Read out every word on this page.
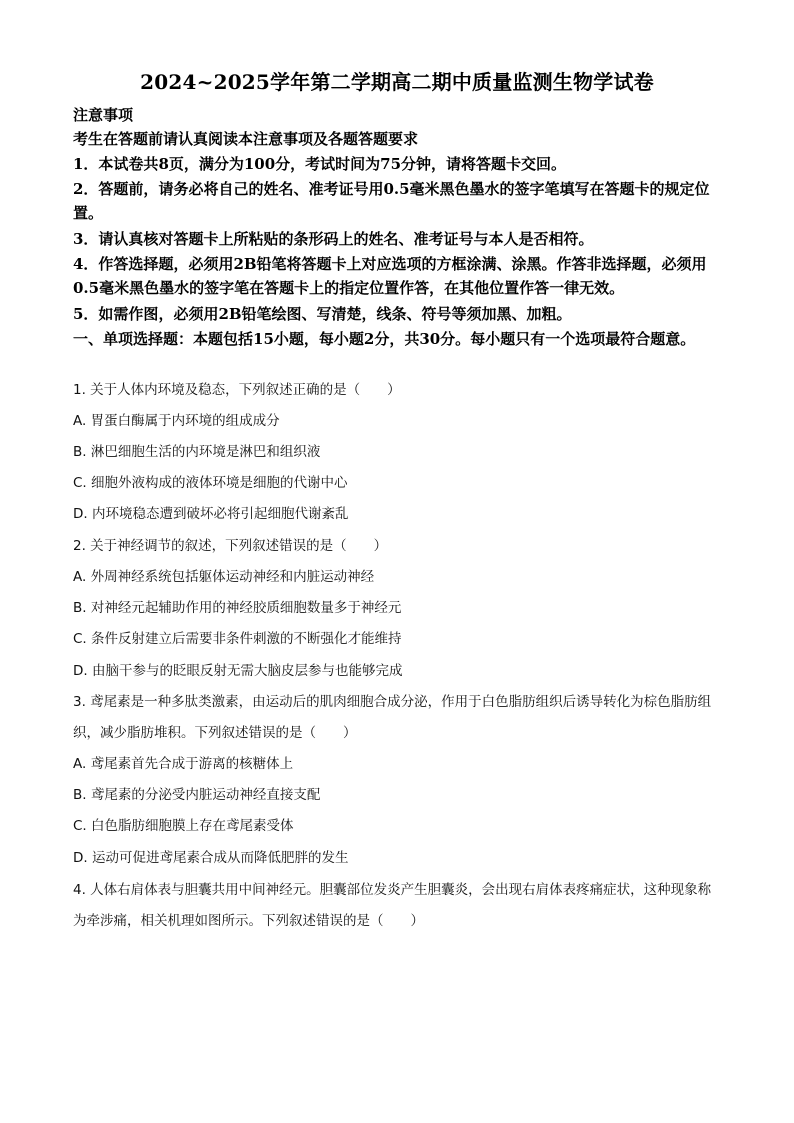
2024~2025学年第二学期高二期中质量监测生物学试卷
注意事项
考生在答题前请认真阅读本注意事项及各题答题要求
1．本试卷共8页，满分为100分，考试时间为75分钟，请将答题卡交回。
2．答题前，请务必将自己的姓名、准考证号用0.5毫米黑色墨水的签字笔填写在答题卡的规定位置。
3．请认真核对答题卡上所粘贴的条形码上的姓名、准考证号与本人是否相符。
4．作答选择题，必须用2B铅笔将答题卡上对应选项的方框涂满、涂黑。作答非选择题，必须用0.5毫米黑色墨水的签字笔在答题卡上的指定位置作答，在其他位置作答一律无效。
5．如需作图，必须用2B铅笔绘图、写清楚，线条、符号等须加黑、加粗。
一、单项选择题：本题包括15小题，每小题2分，共30分。每小题只有一个选项最符合题意。
1. 关于人体内环境及稳态，下列叙述正确的是（　　）
A. 胃蛋白酶属于内环境的组成成分
B. 淋巴细胞生活的内环境是淋巴和组织液
C. 细胞外液构成的液体环境是细胞的代谢中心
D. 内环境稳态遭到破坏必将引起细胞代谢紊乱
2. 关于神经调节的叙述，下列叙述错误的是（　　）
A. 外周神经系统包括躯体运动神经和内脏运动神经
B. 对神经元起辅助作用的神经胶质细胞数量多于神经元
C. 条件反射建立后需要非条件刺激的不断强化才能维持
D. 由脑干参与的眨眼反射无需大脑皮层参与也能够完成
3. 鸢尾素是一种多肽类激素，由运动后的肌肉细胞合成分泌，作用于白色脂肪组织后诱导转化为棕色脂肪组织，减少脂肪堆积。下列叙述错误的是（　　）
A. 鸢尾素首先合成于游离的核糖体上
B. 鸢尾素的分泌受内脏运动神经直接支配
C. 白色脂肪细胞膜上存在鸢尾素受体
D. 运动可促进鸢尾素合成从而降低肥胖的发生
4. 人体右肩体表与胆囊共用中间神经元。胆囊部位发炎产生胆囊炎，会出现右肩体表疼痛症状，这种现象称为牵涉痛，相关机理如图所示。下列叙述错误的是（　　）
